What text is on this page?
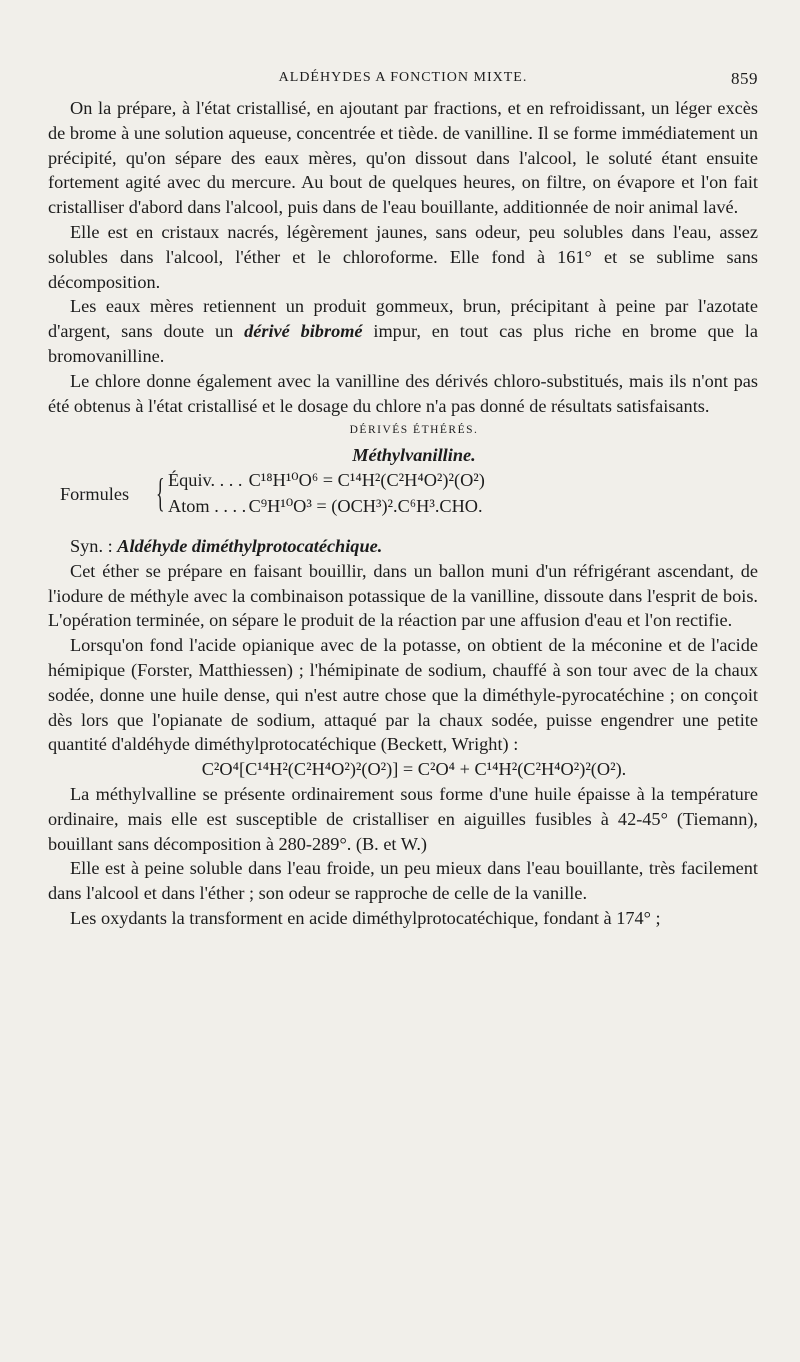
ALDÉHYDES A FONCTION MIXTE.	859

On la prépare, à l'état cristallisé, en ajoutant par fractions, et en refroidissant, un léger excès de brome à une solution aqueuse, concentrée et tiède. de vanilline. Il se forme immédiatement un précipité, qu'on sépare des eaux mères, qu'on dissout dans l'alcool, le soluté étant ensuite fortement agité avec du mercure. Au bout de quelques heures, on filtre, on évapore et l'on fait cristalliser d'abord dans l'alcool, puis dans de l'eau bouillante, additionnée de noir animal lavé.

Elle est en cristaux nacrés, légèrement jaunes, sans odeur, peu solubles dans l'eau, assez solubles dans l'alcool, l'éther et le chloroforme. Elle fond à 161° et se sublime sans décomposition.

Les eaux mères retiennent un produit gommeux, brun, précipitant à peine par l'azotate d'argent, sans doute un dérivé bibromé impur, en tout cas plus riche en brome que la bromovanilline.

Le chlore donne également avec la vanilline des dérivés chloro-substitués, mais ils n'ont pas été obtenus à l'état cristallisé et le dosage du chlore n'a pas donné de résultats satisfaisants.

DÉRIVÉS ÉTHÉRÉS.

Méthylvanilline.

Formules { Équiv. . . . C¹⁸H¹⁰O⁶ = C¹⁴H²(C²H⁴O²)²(O²)
Atom . . . . C⁹H¹⁰O³ = (OCH³)².C⁶H³.CHO.

Syn. : Aldéhyde diméthylprotocatéchique.

Cet éther se prépare en faisant bouillir, dans un ballon muni d'un réfrigérant ascendant, de l'iodure de méthyle avec la combinaison potassique de la vanilline, dissoute dans l'esprit de bois. L'opération terminée, on sépare le produit de la réaction par une affusion d'eau et l'on rectifie.

Lorsqu'on fond l'acide opianique avec de la potasse, on obtient de la méconine et de l'acide hémipique (Forster, Matthiessen) ; l'hémipinate de sodium, chauffé à son tour avec de la chaux sodée, donne une huile dense, qui n'est autre chose que la diméthyle-pyrocatéchine ; on conçoit dès lors que l'opianate de sodium, attaqué par la chaux sodée, puisse engendrer une petite quantité d'aldéhyde diméthylprotocatéchique (Beckett, Wright) :

C²O⁴[C¹⁴H²(C²H⁴O²)²(O²)] = C²O⁴ + C¹⁴H²(C²H⁴O²)²(O²).

La méthylvalline se présente ordinairement sous forme d'une huile épaisse à la température ordinaire, mais elle est susceptible de cristalliser en aiguilles fusibles à 42-45° (Tiemann), bouillant sans décomposition à 280-289°. (B. et W.)

Elle est à peine soluble dans l'eau froide, un peu mieux dans l'eau bouillante, très facilement dans l'alcool et dans l'éther ; son odeur se rapproche de celle de la vanille.

Les oxydants la transforment en acide diméthylprotocatéchique, fondant à 174° ;
